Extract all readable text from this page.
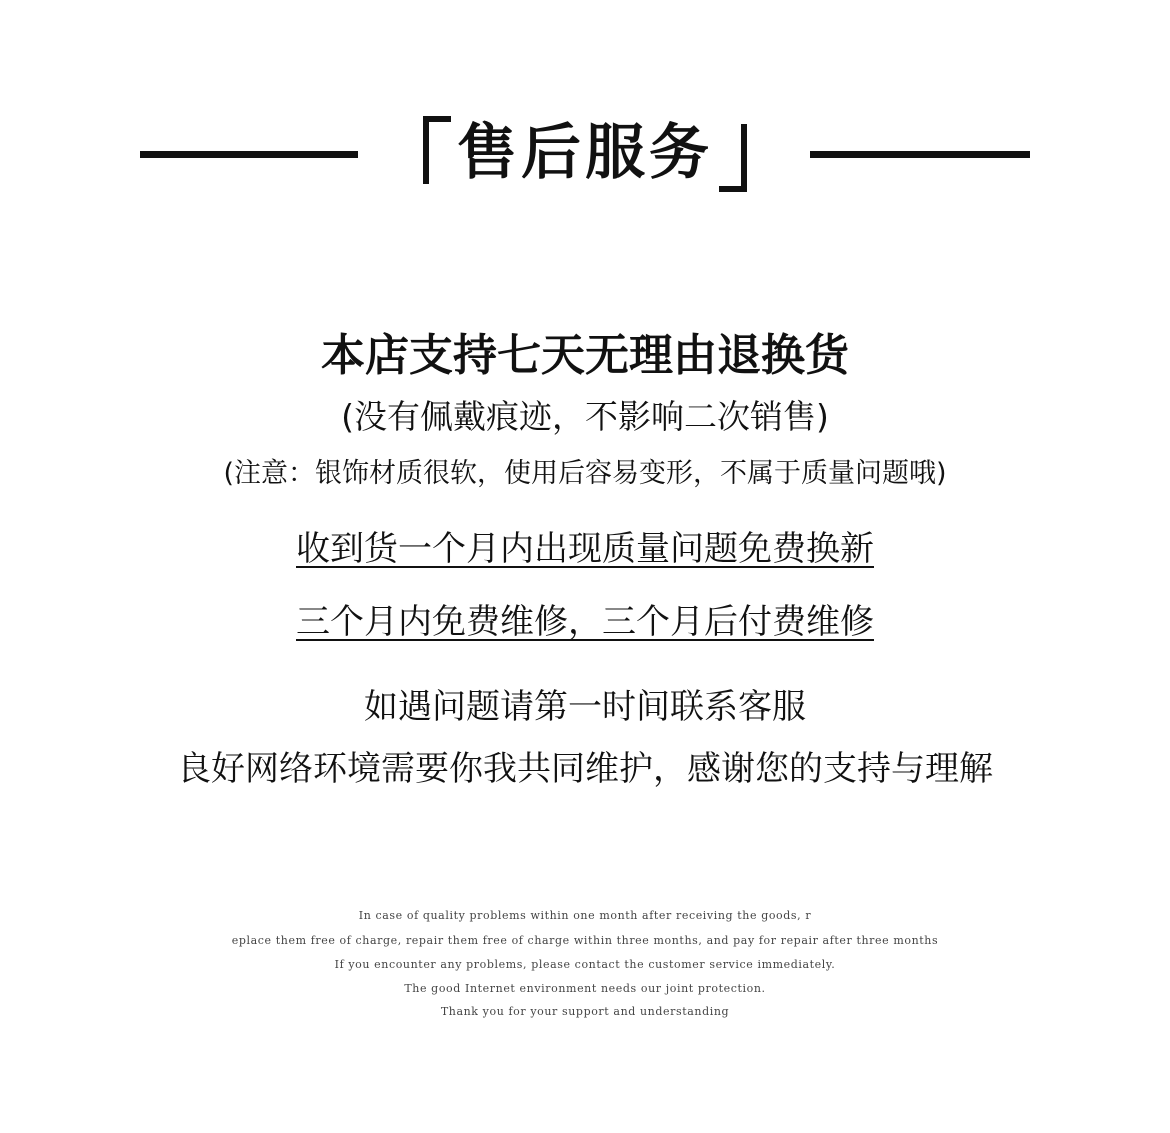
售后服务
本店支持七天无理由退换货
(没有佩戴痕迹，不影响二次销售)
(注意：银饰材质很软，使用后容易变形，不属于质量问题哦)
收到货一个月内出现质量问题免费换新
三个月内免费维修，三个月后付费维修
如遇问题请第一时间联系客服
良好网络环境需要你我共同维护，感谢您的支持与理解
In case of quality problems within one month after receiving the goods, r
eplace them free of charge, repair them free of charge within three months, and pay for repair after three months
If you encounter any problems, please contact the customer service immediately.
The good Internet environment needs our joint protection.
Thank you for your support and understanding
